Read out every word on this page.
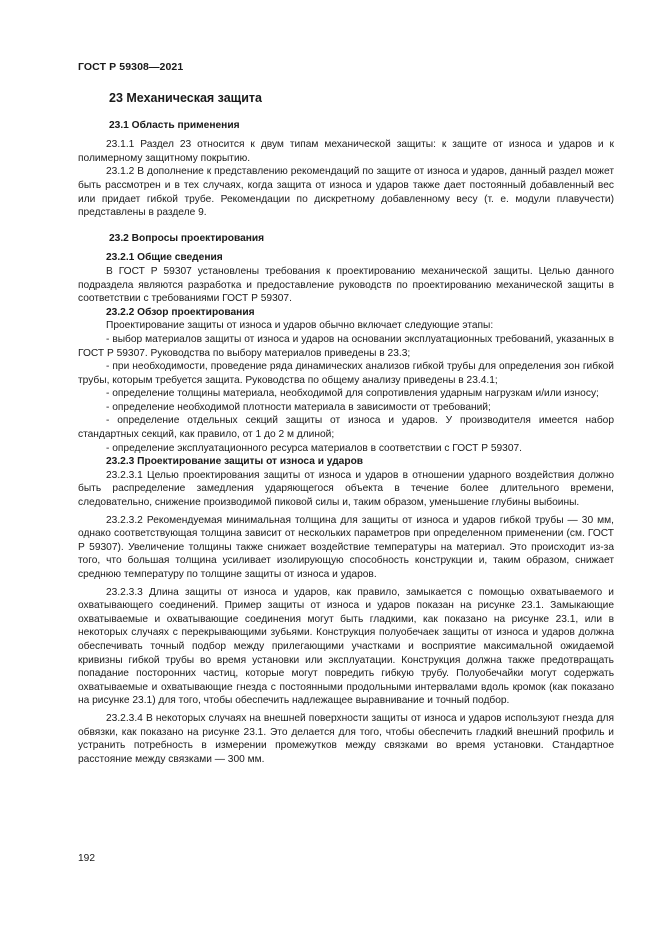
ГОСТ Р 59308—2021
23 Механическая защита
23.1 Область применения

23.1.1 Раздел 23 относится к двум типам механической защиты: к защите от износа и ударов и к полимерному защитному покрытию.

23.1.2 В дополнение к представлению рекомендаций по защите от износа и ударов, данный раздел может быть рассмотрен и в тех случаях, когда защита от износа и ударов также дает постоянный добавленный вес или придает гибкой трубе. Рекомендации по дискретному добавленному весу (т. е. модули плавучести) представлены в разделе 9.

23.2 Вопросы проектирования
23.2.1 Общие сведения

В ГОСТ Р 59307 установлены требования к проектированию механической защиты. Целью данного подраздела являются разработка и предоставление руководств по проектированию механической защиты в соответствии с требованиями ГОСТ Р 59307.

23.2.2 Обзор проектирования

Проектирование защиты от износа и ударов обычно включает следующие этапы:

- выбор материалов защиты от износа и ударов на основании эксплуатационных требований, указанных в ГОСТ Р 59307. Руководства по выбору материалов приведены в 23.3;

- при необходимости, проведение ряда динамических анализов гибкой трубы для определения зон гибкой трубы, которым требуется защита. Руководства по общему анализу приведены в 23.4.1;

- определение толщины материала, необходимой для сопротивления ударным нагрузкам и/или износу;

- определение необходимой плотности материала в зависимости от требований;

- определение отдельных секций защиты от износа и ударов. У производителя имеется набор стандартных секций, как правило, от 1 до 2 м длиной;

- определение эксплуатационного ресурса материалов в соответствии с ГОСТ Р 59307.

23.2.3 Проектирование защиты от износа и ударов

23.2.3.1 Целью проектирования защиты от износа и ударов в отношении ударного воздействия должно быть распределение замедления ударяющегося объекта в течение более длительного времени, следовательно, снижение производимой пиковой силы и, таким образом, уменьшение глубины выбоины.

23.2.3.2 Рекомендуемая минимальная толщина для защиты от износа и ударов гибкой трубы — 30 мм, однако соответствующая толщина зависит от нескольких параметров при определенном применении (см. ГОСТ Р 59307). Увеличение толщины также снижает воздействие температуры на материал. Это происходит из-за того, что большая толщина усиливает изолирующую способность конструкции и, таким образом, снижает среднюю температуру по толщине защиты от износа и ударов.

23.2.3.3 Длина защиты от износа и ударов, как правило, замыкается с помощью охватываемого и охватывающего соединений. Пример защиты от износа и ударов показан на рисунке 23.1. Замыкающие охватываемые и охватывающие соединения могут быть гладкими, как показано на рисунке 23.1, или в некоторых случаях с перекрывающими зубьями. Конструкция полуобечаек защиты от износа и ударов должна обеспечивать точный подбор между прилегающими участками и восприятие максимальной ожидаемой кривизны гибкой трубы во время установки или эксплуатации. Конструкция должна также предотвращать попадание посторонних частиц, которые могут повредить гибкую трубу. Полуобечайки могут содержать охватываемые и охватывающие гнезда с постоянными продольными интервалами вдоль кромок (как показано на рисунке 23.1) для того, чтобы обеспечить надлежащее выравнивание и точный подбор.

23.2.3.4 В некоторых случаях на внешней поверхности защиты от износа и ударов используют гнезда для обвязки, как показано на рисунке 23.1. Это делается для того, чтобы обеспечить гладкий внешний профиль и устранить потребность в измерении промежутков между связками во время установки. Стандартное расстояние между связками — 300 мм.

192
